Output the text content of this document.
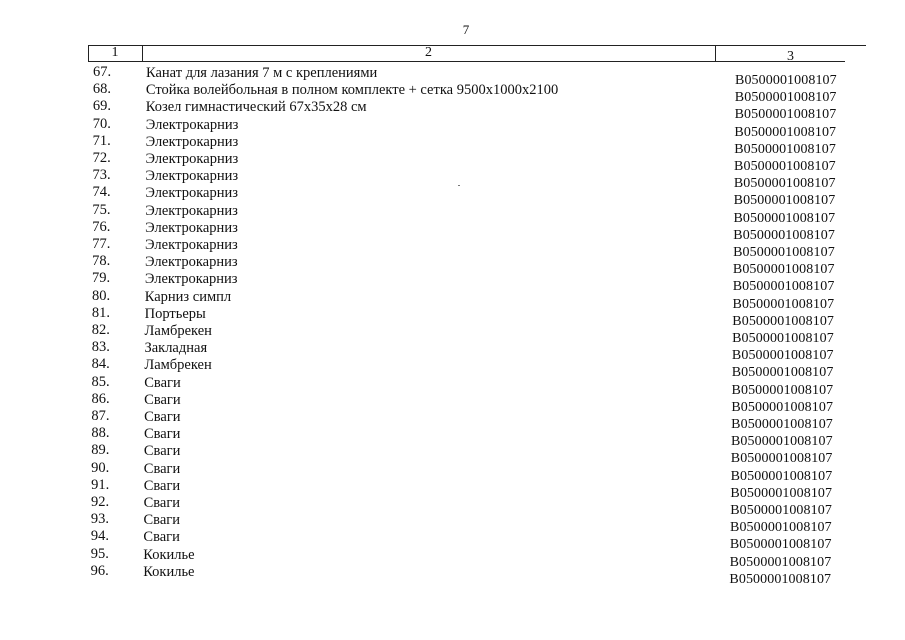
7
1	2	3
67.	Канат для лазания 7 м с креплениями	B0500001008107
68.	Стойка волейбольная в полном комплекте + сетка 9500х1000х2100	B0500001008107
69.	Козел гимнастический 67х35х28 см	B0500001008107
70.	Электрокарниз	B0500001008107
71.	Электрокарниз	B0500001008107
72.	Электрокарниз	B0500001008107
73.	Электрокарниз	B0500001008107
74.	Электрокарниз	B0500001008107
75.	Электрокарниз	B0500001008107
76.	Электрокарниз	B0500001008107
77.	Электрокарниз	B0500001008107
78.	Электрокарниз	B0500001008107
79.	Электрокарниз	B0500001008107
80.	Карниз симпл	B0500001008107
81.	Портьеры	B0500001008107
82.	Ламбрекен	B0500001008107
83.	Закладная	B0500001008107
84.	Ламбрекен	B0500001008107
85.	Сваги	B0500001008107
86.	Сваги	B0500001008107
87.	Сваги	B0500001008107
88.	Сваги	B0500001008107
89.	Сваги	B0500001008107
90.	Сваги	B0500001008107
91.	Сваги	B0500001008107
92.	Сваги	B0500001008107
93.	Сваги	B0500001008107
94.	Сваги	B0500001008107
95.	Кокилье	B0500001008107
96.	Кокилье	B0500001008107
